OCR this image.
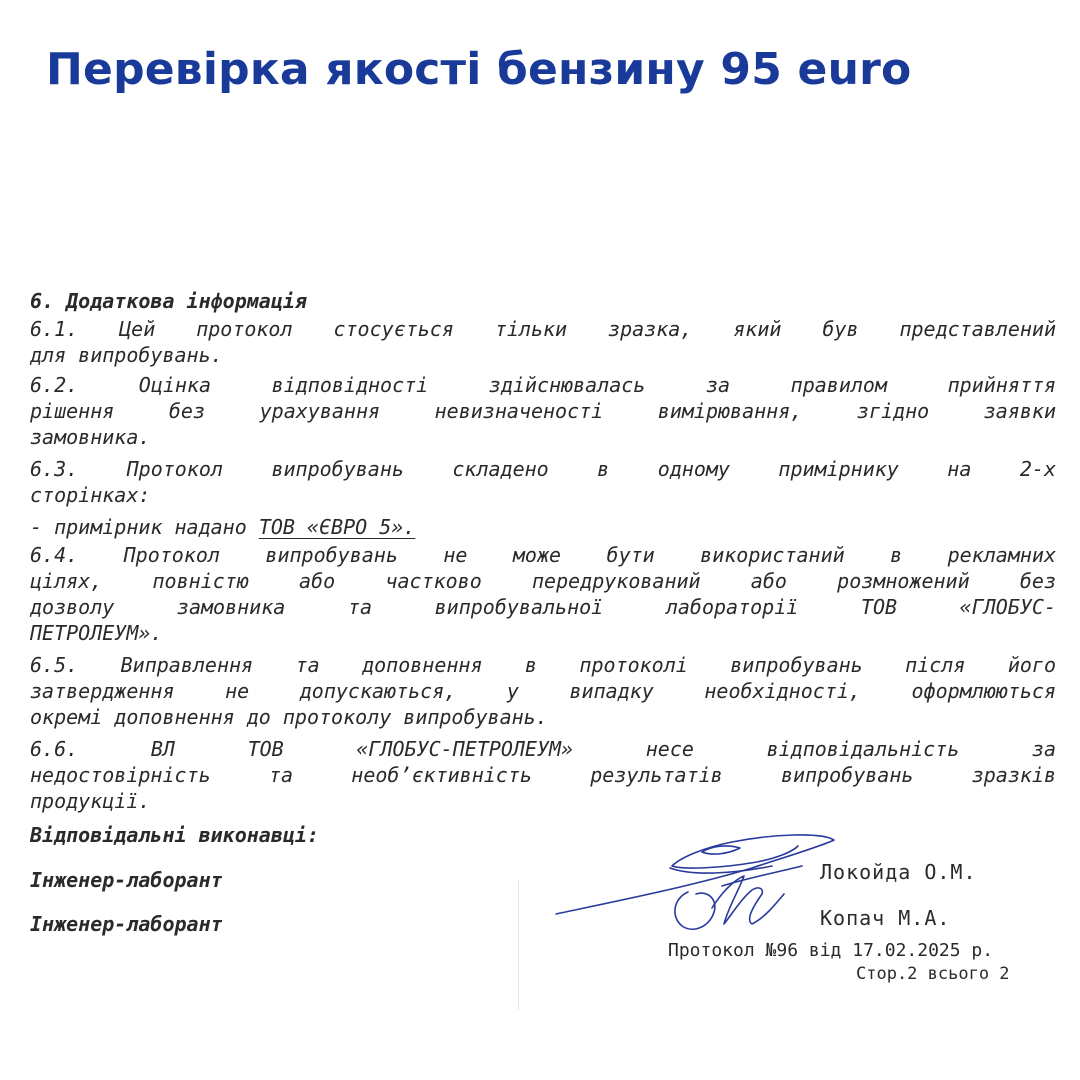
Перевірка якості бензину 95 euro
6. Додаткова інформація
6.1. Цей протокол стосується тільки зразка, який був представлений
для випробувань.
6.2. Оцінка відповідності здійснювалась за правилом прийняття
рішення без урахування невизначеності вимірювання, згідно заявки
замовника.
6.3. Протокол випробувань складено в одному примірнику на 2-х
сторінках:
- примірник надано ТОВ «ЄВРО 5».
6.4. Протокол випробувань не може бути використаний в рекламних
цілях, повністю або частково передрукований або розмножений без
дозволу замовника та випробувальної лабораторії ТОВ «ГЛОБУС-
ПЕТРОЛЕУМ».
6.5. Виправлення та доповнення в протоколі випробувань після його
затвердження не допускаються, у випадку необхідності, оформлюються
окремі доповнення до протоколу випробувань.
6.6. ВЛ ТОВ «ГЛОБУС-ПЕТРОЛЕУМ» несе відповідальність за
недостовірність та необ’єктивність результатів випробувань зразків
продукції.
Відповідальні виконавці:
Інженер-лаборант
Інженер-лаборант
Локойда О.М.
Копач М.А.
Протокол №96 від 17.02.2025 р.
Стор.2 всього 2
